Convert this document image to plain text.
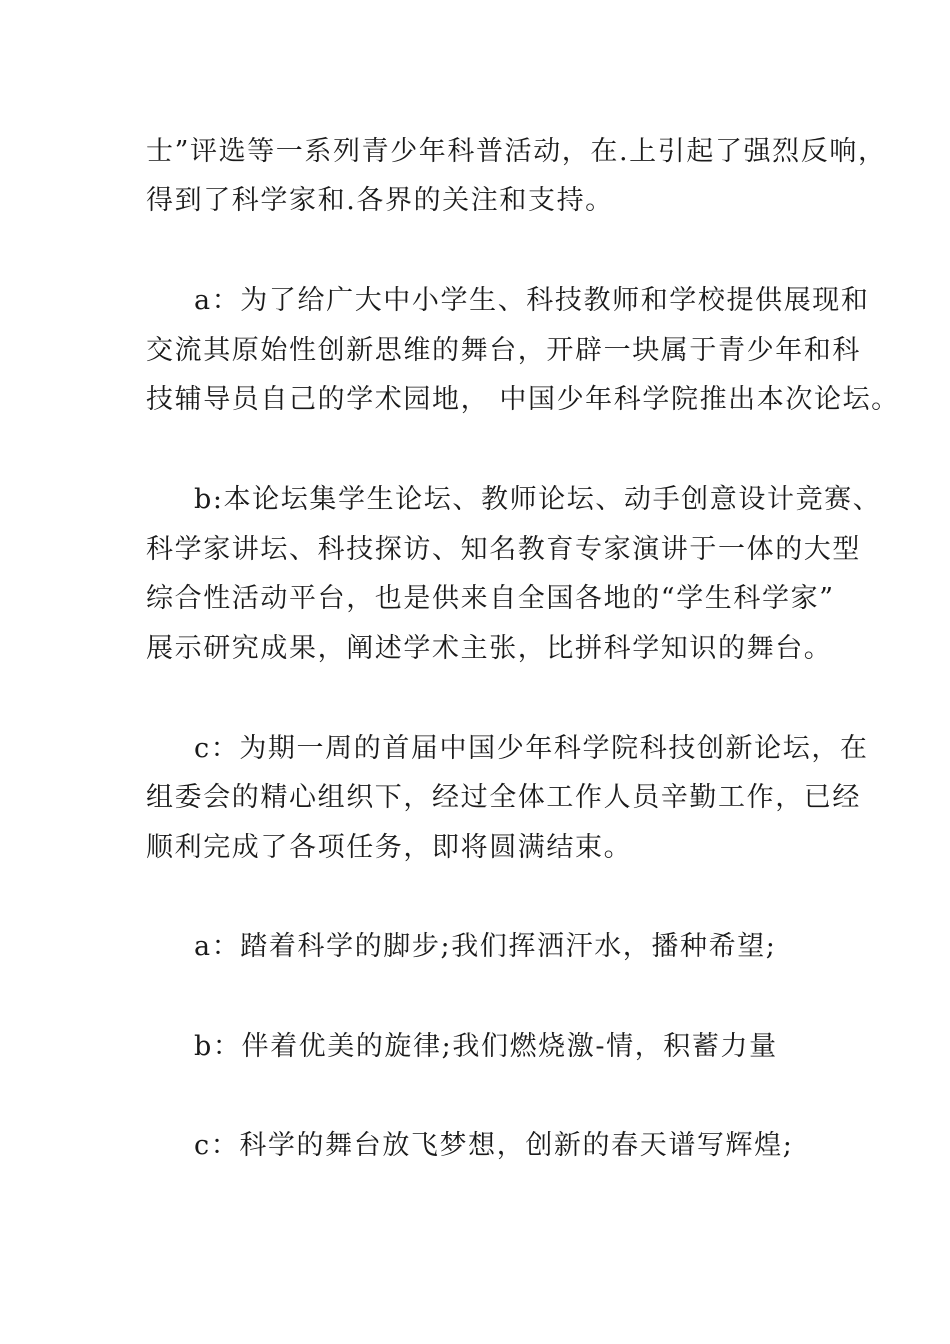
士”评选等一系列青少年科普活动，在.上引起了强烈反响，
得到了科学家和.各界的关注和支持。
a：为了给广大中小学生、科技教师和学校提供展现和
交流其原始性创新思维的舞台，开辟一块属于青少年和科
技辅导员自己的学术园地， 中国少年科学院推出本次论坛。
b:本论坛集学生论坛、教师论坛、动手创意设计竞赛、
科学家讲坛、科技探访、知名教育专家演讲于一体的大型
综合性活动平台，也是供来自全国各地的“学生科学家”
展示研究成果，阐述学术主张，比拼科学知识的舞台。
c：为期一周的首届中国少年科学院科技创新论坛，在
组委会的精心组织下，经过全体工作人员辛勤工作，已经
顺利完成了各项任务，即将圆满结束。
a：踏着科学的脚步;我们挥洒汗水，播种希望;
b：伴着优美的旋律;我们燃烧激-情，积蓄力量
c：科学的舞台放飞梦想，创新的春天谱写辉煌;
